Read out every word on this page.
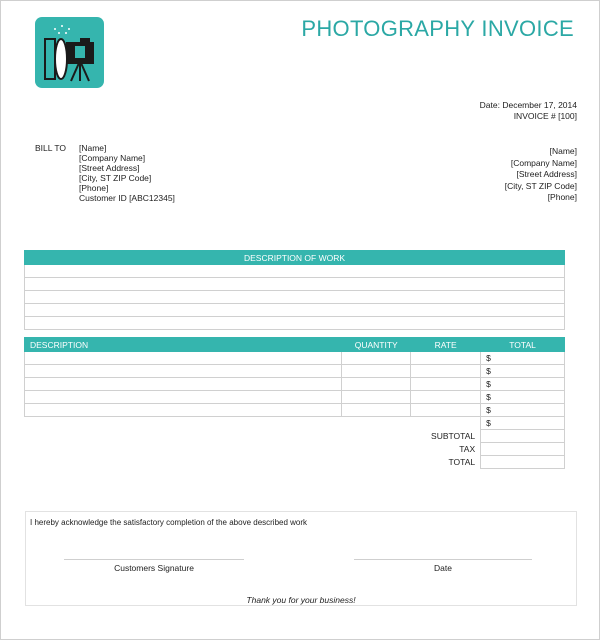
PHOTOGRAPHY INVOICE
Date: December 17, 2014
INVOICE # [100]
BILL TO [Name]
[Company Name]
[Street Address]
[City, ST ZIP Code]
[Phone]
Customer ID [ABC12345]
[Name]
[Company Name]
[Street Address]
[City, ST ZIP Code]
[Phone]
DESCRIPTION OF WORK

DESCRIPTION	QUANTITY	RATE	TOTAL
			$
			$
			$
			$
			$
			$
		SUBTOTAL	
		TAX	
		TOTAL	
I hereby acknowledge the satisfactory completion of the above described work
Customers Signature	Date
Thank you for your business!
